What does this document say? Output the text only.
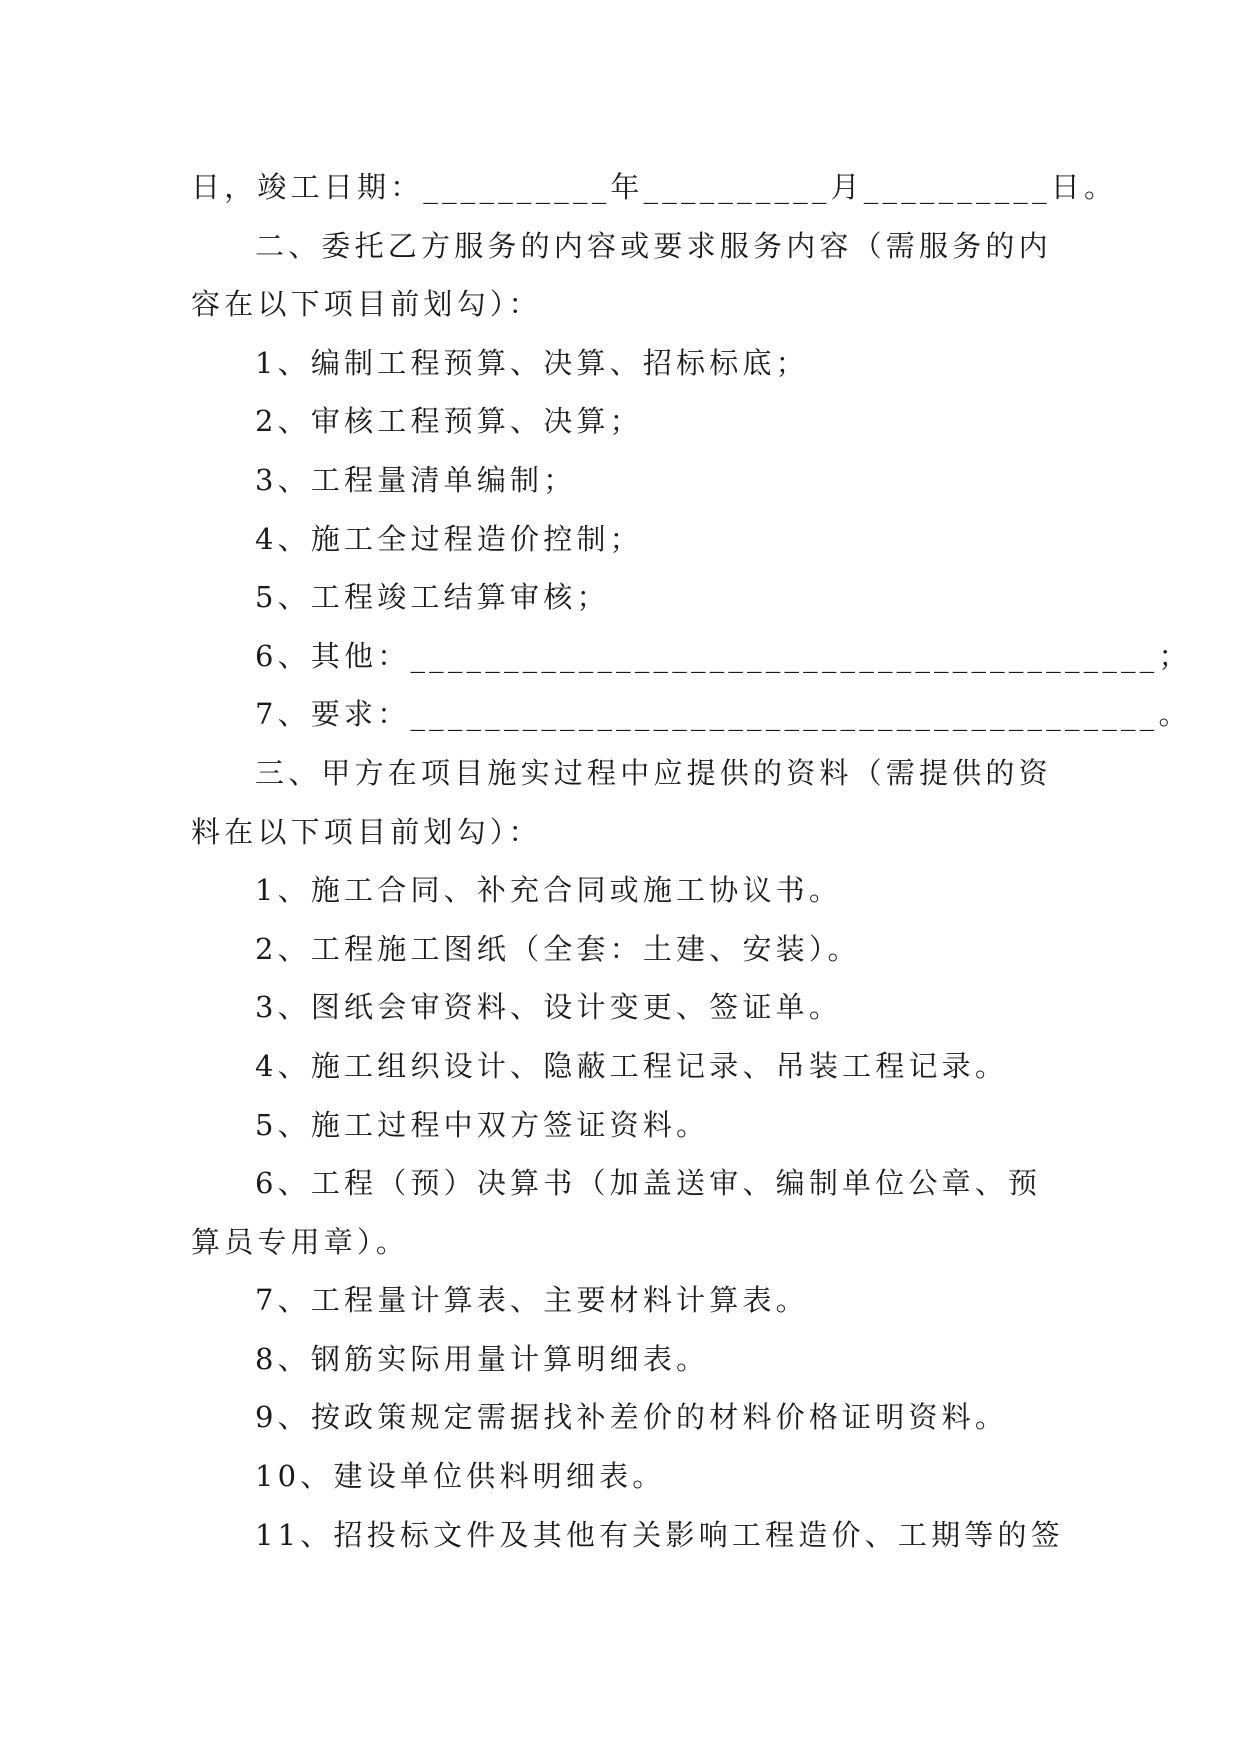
日，竣工日期：__________年__________月__________日。

二、委托乙方服务的内容或要求服务内容（需服务的内

容在以下项目前划勾）：

1、编制工程预算、决算、招标标底；

2、审核工程预算、决算；

3、工程量清单编制；

4、施工全过程造价控制；

5、工程竣工结算审核；

6、其他：________________________________________；

7、要求：________________________________________。

三、甲方在项目施实过程中应提供的资料（需提供的资

料在以下项目前划勾）：

1、施工合同、补充合同或施工协议书。

2、工程施工图纸（全套：土建、安装）。

3、图纸会审资料、设计变更、签证单。

4、施工组织设计、隐蔽工程记录、吊装工程记录。

5、施工过程中双方签证资料。

6、工程（预）决算书（加盖送审、编制单位公章、预

算员专用章）。

7、工程量计算表、主要材料计算表。

8、钢筋实际用量计算明细表。

9、按政策规定需据找补差价的材料价格证明资料。

10、建设单位供料明细表。

11、招投标文件及其他有关影响工程造价、工期等的签
